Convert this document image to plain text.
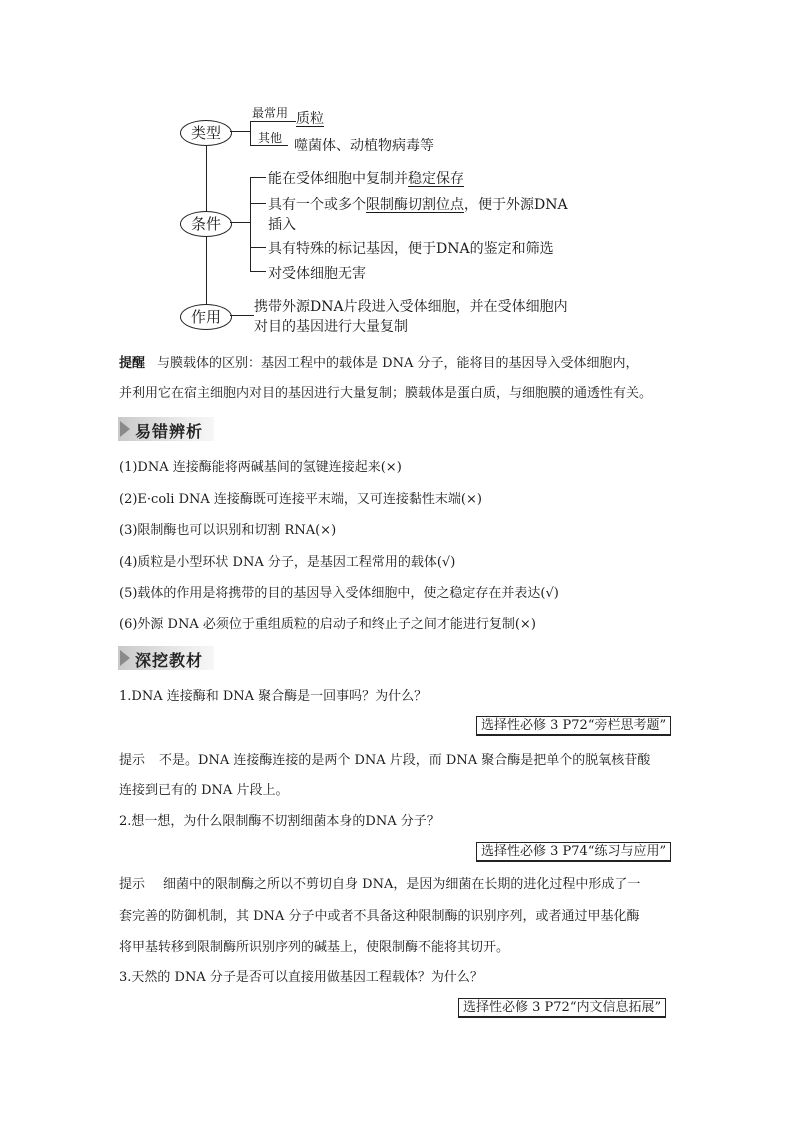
类型
最常用 质粒
其他 噬菌体、动植物病毒等
条件
能在受体细胞中复制并稳定保存
具有一个或多个限制酶切割位点，便于外源DNA
插入
具有特殊的标记基因，便于DNA的鉴定和筛选
对受体细胞无害
作用
携带外源DNA片段进入受体细胞，并在受体细胞内
对目的基因进行大量复制
提醒 与膜载体的区别：基因工程中的载体是 DNA 分子，能将目的基因导入受体细胞内，
并利用它在宿主细胞内对目的基因进行大量复制；膜载体是蛋白质，与细胞膜的通透性有关。
易错辨析
(1)DNA 连接酶能将两碱基间的氢键连接起来(×)
(2)E·coli DNA 连接酶既可连接平末端，又可连接黏性末端(×)
(3)限制酶也可以识别和切割 RNA(×)
(4)质粒是小型环状 DNA 分子，是基因工程常用的载体(√)
(5)载体的作用是将携带的目的基因导入受体细胞中，使之稳定存在并表达(√)
(6)外源 DNA 必须位于重组质粒的启动子和终止子之间才能进行复制(×)
深挖教材
1.DNA 连接酶和 DNA 聚合酶是一回事吗？为什么？
选择性必修 3 P72“旁栏思考题”
提示 不是。DNA 连接酶连接的是两个 DNA 片段，而 DNA 聚合酶是把单个的脱氧核苷酸
连接到已有的 DNA 片段上。
2.想一想，为什么限制酶不切割细菌本身的DNA 分子？
选择性必修 3 P74“练习与应用”
提示 细菌中的限制酶之所以不剪切自身 DNA，是因为细菌在长期的进化过程中形成了一
套完善的防御机制，其 DNA 分子中或者不具备这种限制酶的识别序列，或者通过甲基化酶
将甲基转移到限制酶所识别序列的碱基上，使限制酶不能将其切开。
3.天然的 DNA 分子是否可以直接用做基因工程载体？为什么？
选择性必修 3 P72“内文信息拓展”
